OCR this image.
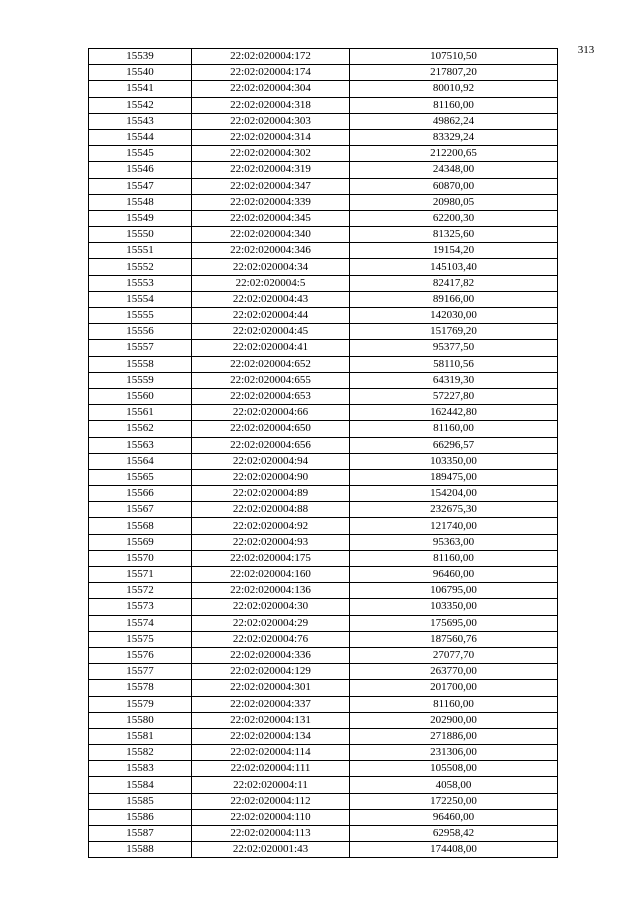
313
15539	22:02:020004:172	107510,50
15540	22:02:020004:174	217807,20
15541	22:02:020004:304	80010,92
15542	22:02:020004:318	81160,00
15543	22:02:020004:303	49862,24
15544	22:02:020004:314	83329,24
15545	22:02:020004:302	212200,65
15546	22:02:020004:319	24348,00
15547	22:02:020004:347	60870,00
15548	22:02:020004:339	20980,05
15549	22:02:020004:345	62200,30
15550	22:02:020004:340	81325,60
15551	22:02:020004:346	19154,20
15552	22:02:020004:34	145103,40
15553	22:02:020004:5	82417,82
15554	22:02:020004:43	89166,00
15555	22:02:020004:44	142030,00
15556	22:02:020004:45	151769,20
15557	22:02:020004:41	95377,50
15558	22:02:020004:652	58110,56
15559	22:02:020004:655	64319,30
15560	22:02:020004:653	57227,80
15561	22:02:020004:66	162442,80
15562	22:02:020004:650	81160,00
15563	22:02:020004:656	66296,57
15564	22:02:020004:94	103350,00
15565	22:02:020004:90	189475,00
15566	22:02:020004:89	154204,00
15567	22:02:020004:88	232675,30
15568	22:02:020004:92	121740,00
15569	22:02:020004:93	95363,00
15570	22:02:020004:175	81160,00
15571	22:02:020004:160	96460,00
15572	22:02:020004:136	106795,00
15573	22:02:020004:30	103350,00
15574	22:02:020004:29	175695,00
15575	22:02:020004:76	187560,76
15576	22:02:020004:336	27077,70
15577	22:02:020004:129	263770,00
15578	22:02:020004:301	201700,00
15579	22:02:020004:337	81160,00
15580	22:02:020004:131	202900,00
15581	22:02:020004:134	271886,00
15582	22:02:020004:114	231306,00
15583	22:02:020004:111	105508,00
15584	22:02:020004:11	4058,00
15585	22:02:020004:112	172250,00
15586	22:02:020004:110	96460,00
15587	22:02:020004:113	62958,42
15588	22:02:020001:43	174408,00
